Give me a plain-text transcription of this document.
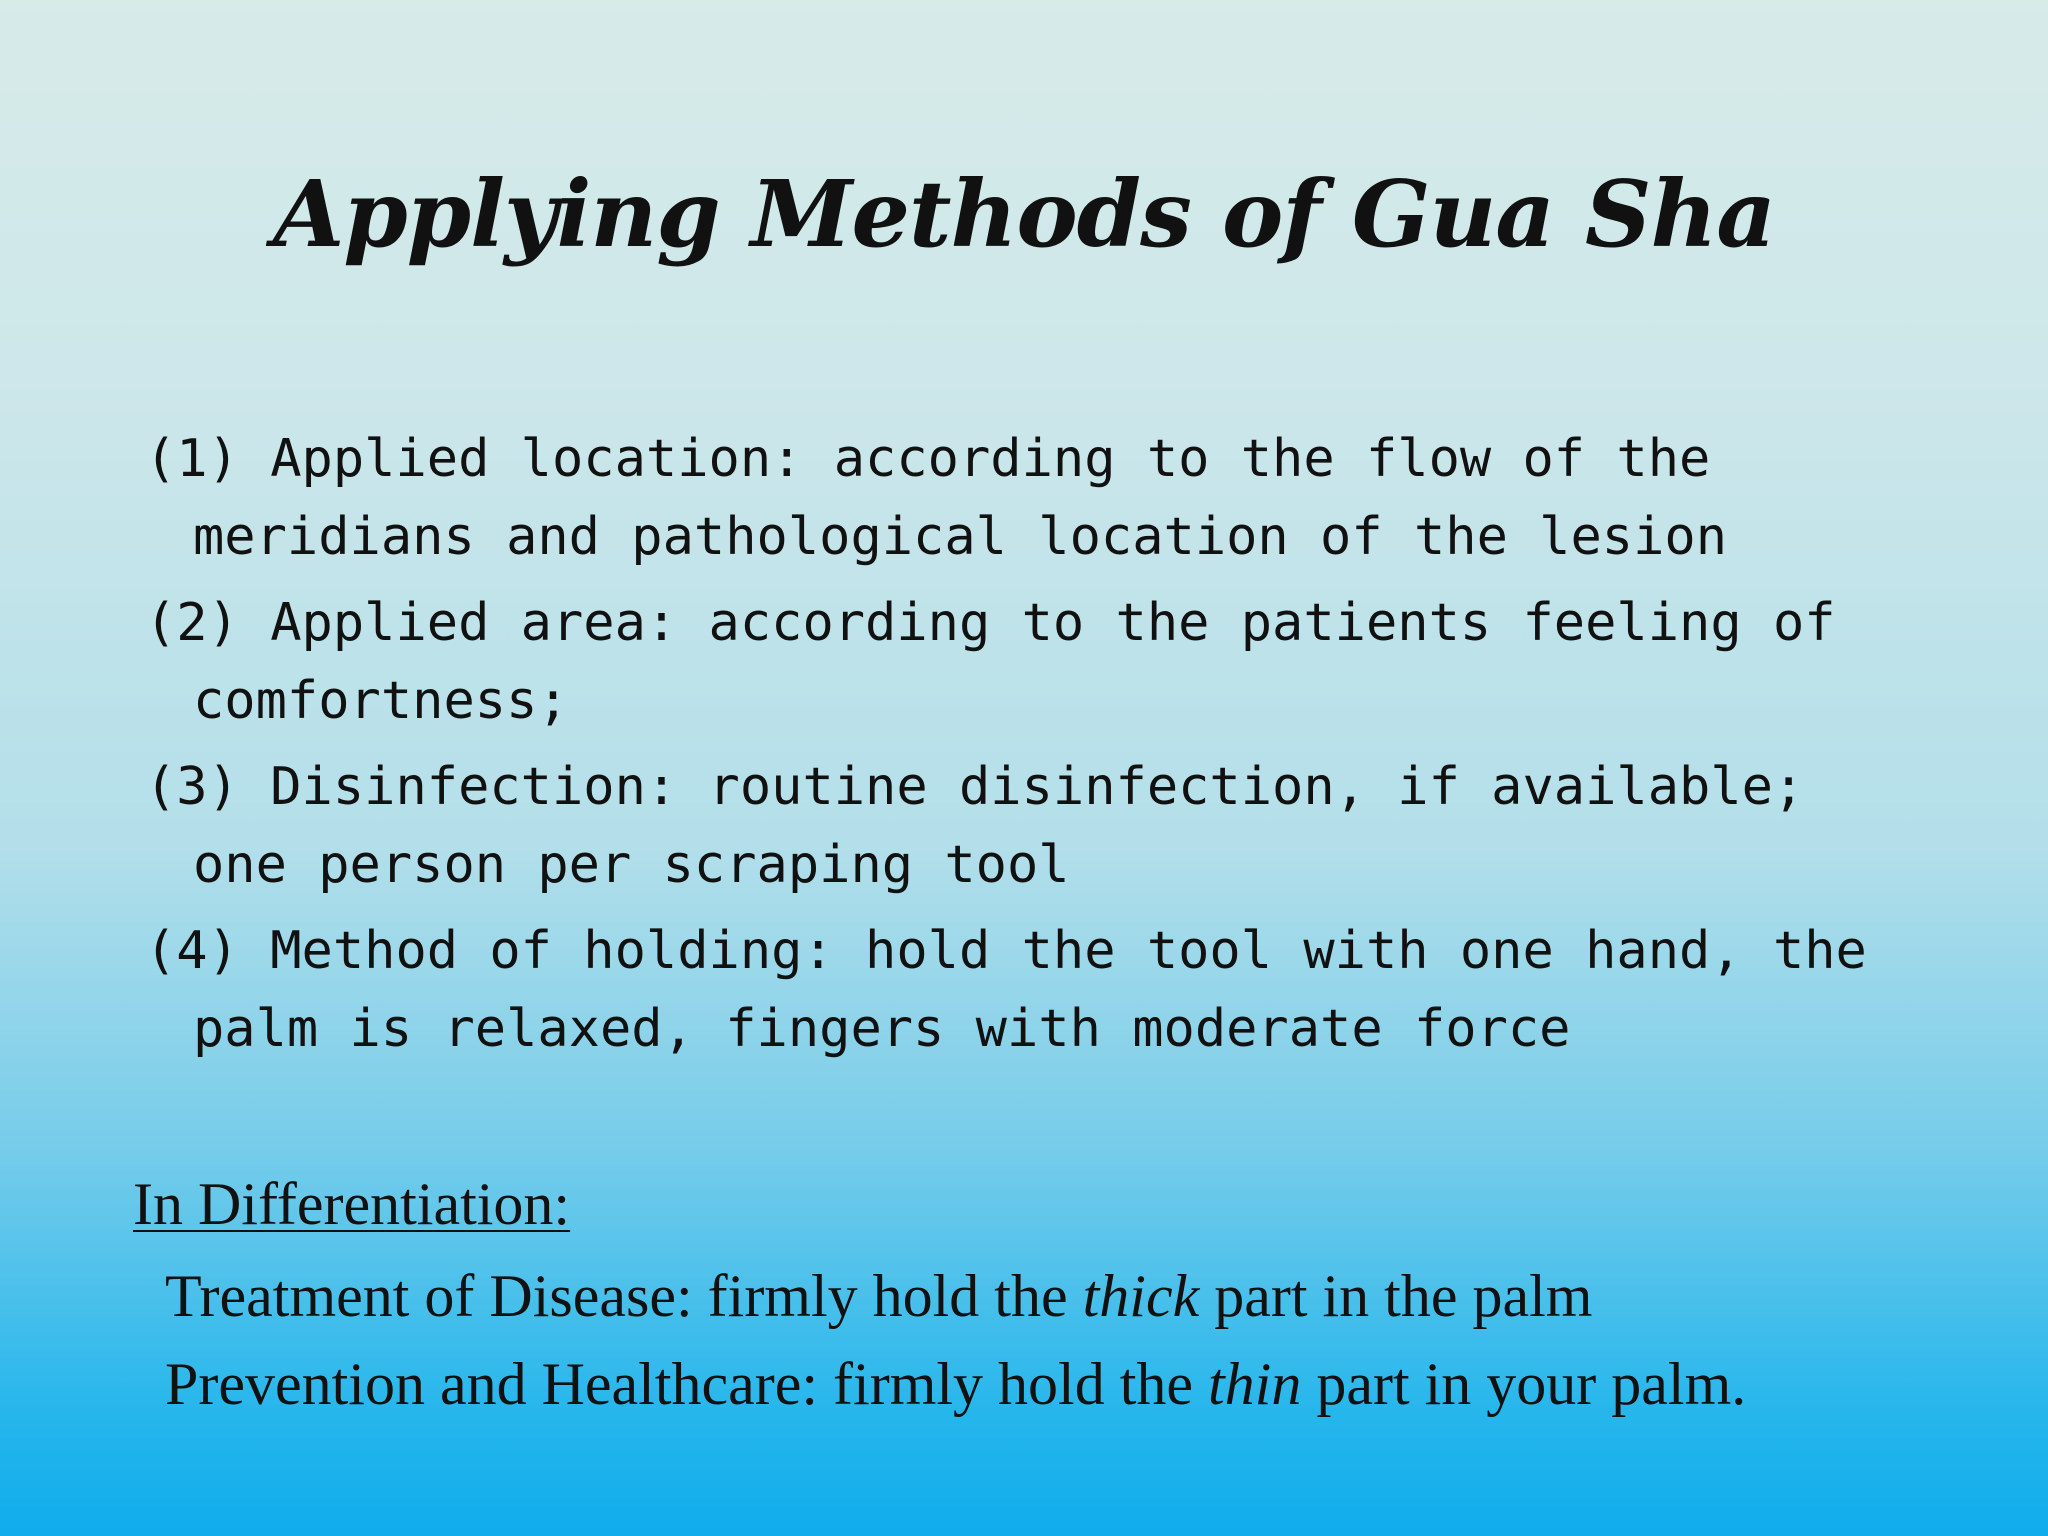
Applying Methods of Gua Sha
(1) Applied location: according to the flow of the
meridians and pathological location of the lesion
(2) Applied area: according to the patients feeling of
comfortness;
(3) Disinfection: routine disinfection, if available;
one person per scraping tool
(4) Method of holding: hold the tool with one hand, the
palm is relaxed, fingers with moderate force
In Differentiation:
Treatment of Disease: firmly hold the thick part in the palm
Prevention and Healthcare: firmly hold the thin part in your palm.
